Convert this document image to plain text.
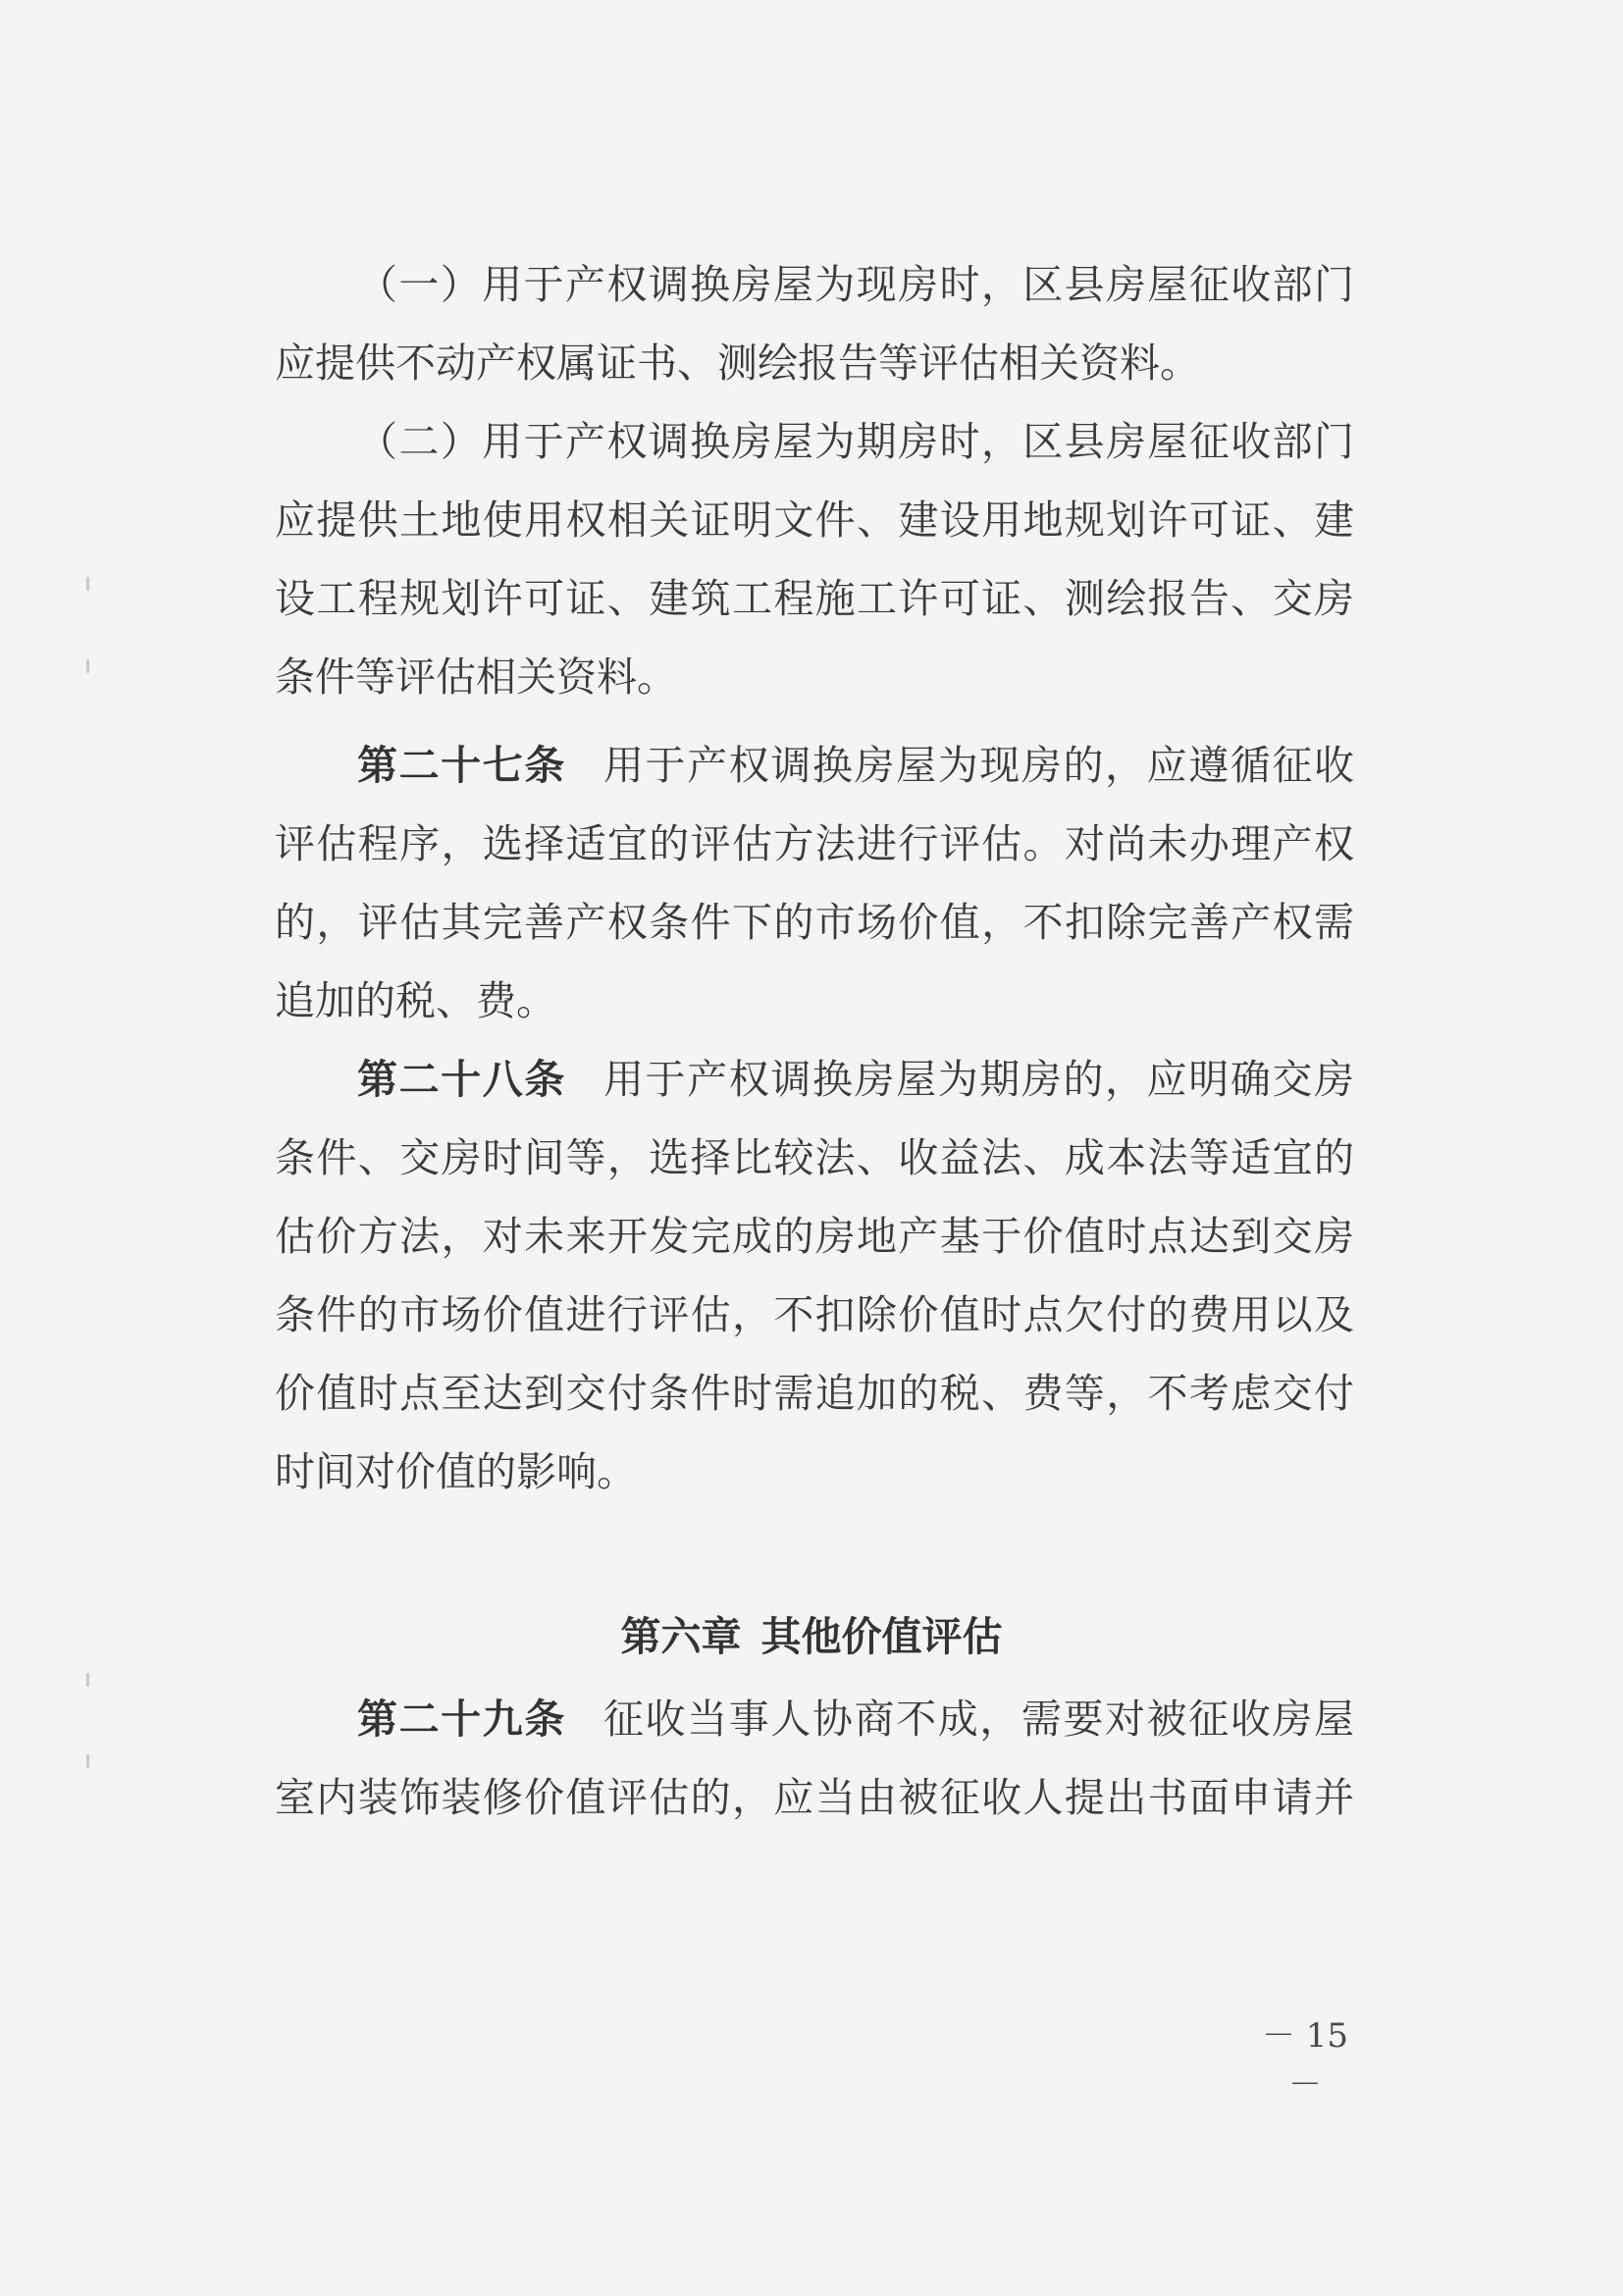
（一）用于产权调换房屋为现房时，区县房屋征收部门
应提供不动产权属证书、测绘报告等评估相关资料。
（二）用于产权调换房屋为期房时，区县房屋征收部门
应提供土地使用权相关证明文件、建设用地规划许可证、建
设工程规划许可证、建筑工程施工许可证、测绘报告、交房
条件等评估相关资料。
第二十七条 用于产权调换房屋为现房的，应遵循征收
评估程序，选择适宜的评估方法进行评估。对尚未办理产权
的，评估其完善产权条件下的市场价值，不扣除完善产权需
追加的税、费。
第二十八条 用于产权调换房屋为期房的，应明确交房
条件、交房时间等，选择比较法、收益法、成本法等适宜的
估价方法，对未来开发完成的房地产基于价值时点达到交房
条件的市场价值进行评估，不扣除价值时点欠付的费用以及
价值时点至达到交付条件时需追加的税、费等，不考虑交付
时间对价值的影响。
第六章 其他价值评估
第二十九条 征收当事人协商不成，需要对被征收房屋
室内装饰装修价值评估的，应当由被征收人提出书面申请并
－ 15 －
